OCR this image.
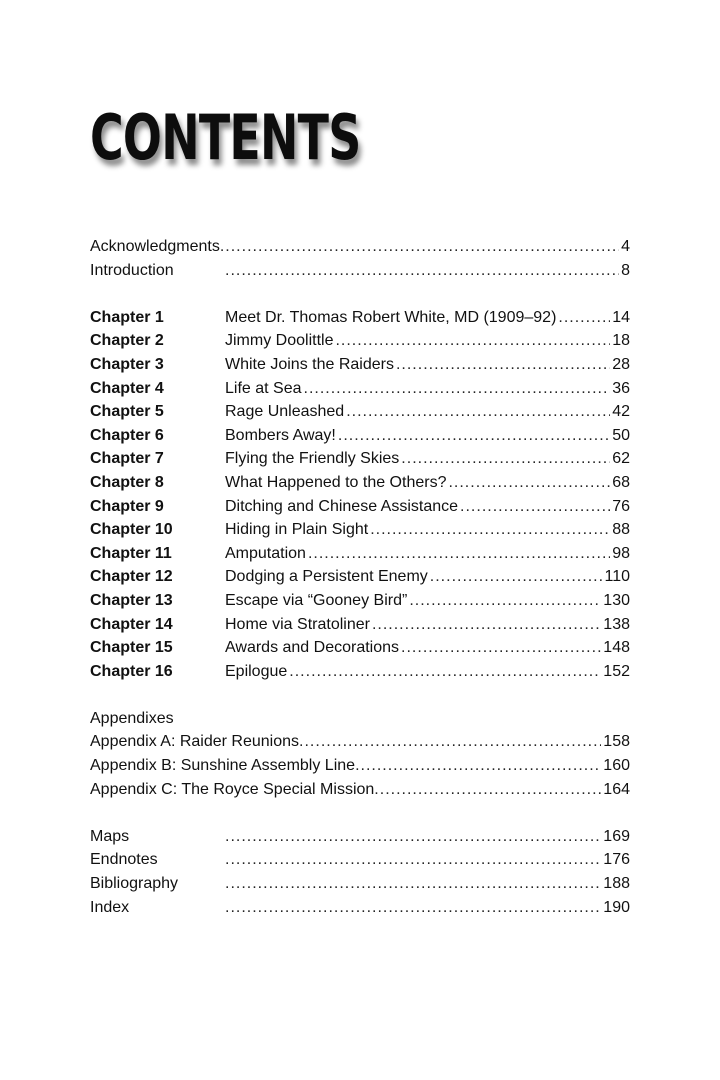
CONTENTS
Acknowledgments .....	4
Introduction .....	8
Chapter 1	Meet Dr. Thomas Robert White, MD (1909–92) .....	14
Chapter 2	Jimmy Doolittle .....	18
Chapter 3	White Joins the Raiders .....	28
Chapter 4	Life at Sea .....	36
Chapter 5	Rage Unleashed .....	42
Chapter 6	Bombers Away! .....	50
Chapter 7	Flying the Friendly Skies .....	62
Chapter 8	What Happened to the Others? .....	68
Chapter 9	Ditching and Chinese Assistance .....	76
Chapter 10	Hiding in Plain Sight .....	88
Chapter 11	Amputation .....	98
Chapter 12	Dodging a Persistent Enemy .....	110
Chapter 13	Escape via “Gooney Bird” .....	130
Chapter 14	Home via Stratoliner .....	138
Chapter 15	Awards and Decorations .....	148
Chapter 16	Epilogue .....	152
Appendixes
Appendix A: Raider Reunions .....	158
Appendix B: Sunshine Assembly Line .....	160
Appendix C: The Royce Special Mission .....	164
Maps .....	169
Endnotes .....	176
Bibliography .....	188
Index .....	190
